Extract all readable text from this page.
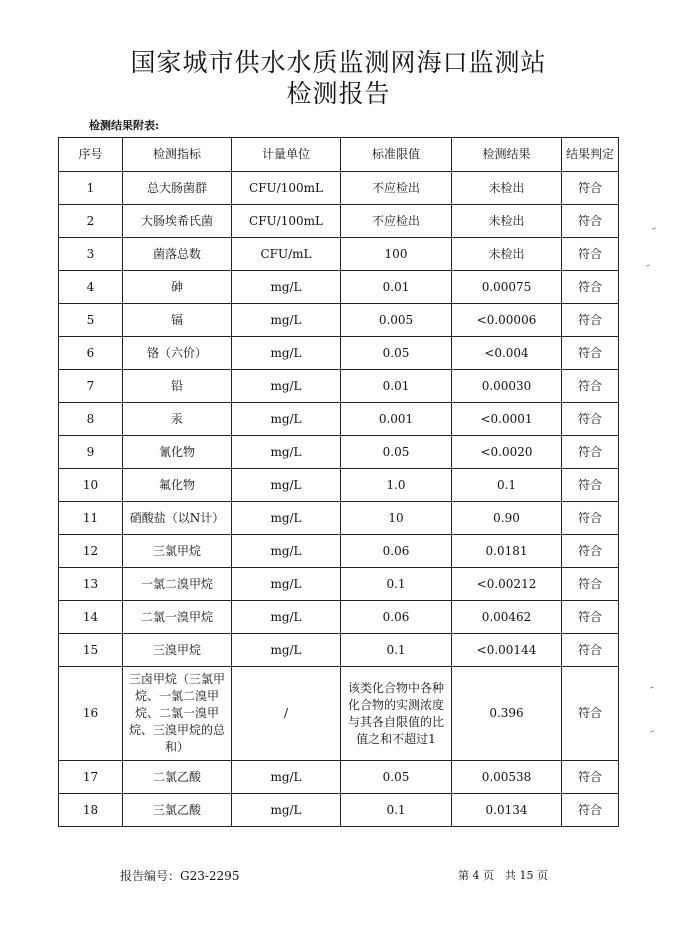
国家城市供水水质监测网海口监测站
检测报告
检测结果附表:
序号	检测指标	计量单位	标准限值	检测结果	结果判定
1	总大肠菌群	CFU/100mL	不应检出	未检出	符合
2	大肠埃希氏菌	CFU/100mL	不应检出	未检出	符合
3	菌落总数	CFU/mL	100	未检出	符合
4	砷	mg/L	0.01	0.00075	符合
5	镉	mg/L	0.005	<0.00006	符合
6	铬（六价）	mg/L	0.05	<0.004	符合
7	铅	mg/L	0.01	0.00030	符合
8	汞	mg/L	0.001	<0.0001	符合
9	氰化物	mg/L	0.05	<0.0020	符合
10	氟化物	mg/L	1.0	0.1	符合
11	硝酸盐（以N计）	mg/L	10	0.90	符合
12	三氯甲烷	mg/L	0.06	0.0181	符合
13	一氯二溴甲烷	mg/L	0.1	<0.00212	符合
14	二氯一溴甲烷	mg/L	0.06	0.00462	符合
15	三溴甲烷	mg/L	0.1	<0.00144	符合
16	三卤甲烷（三氯甲烷、一氯二溴甲烷、二氯一溴甲烷、三溴甲烷的总和）	/	该类化合物中各种化合物的实测浓度与其各自限值的比值之和不超过1	0.396	符合
17	二氯乙酸	mg/L	0.05	0.00538	符合
18	三氯乙酸	mg/L	0.1	0.0134	符合
报告编号：G23-2295	第 4 页　共 15 页
